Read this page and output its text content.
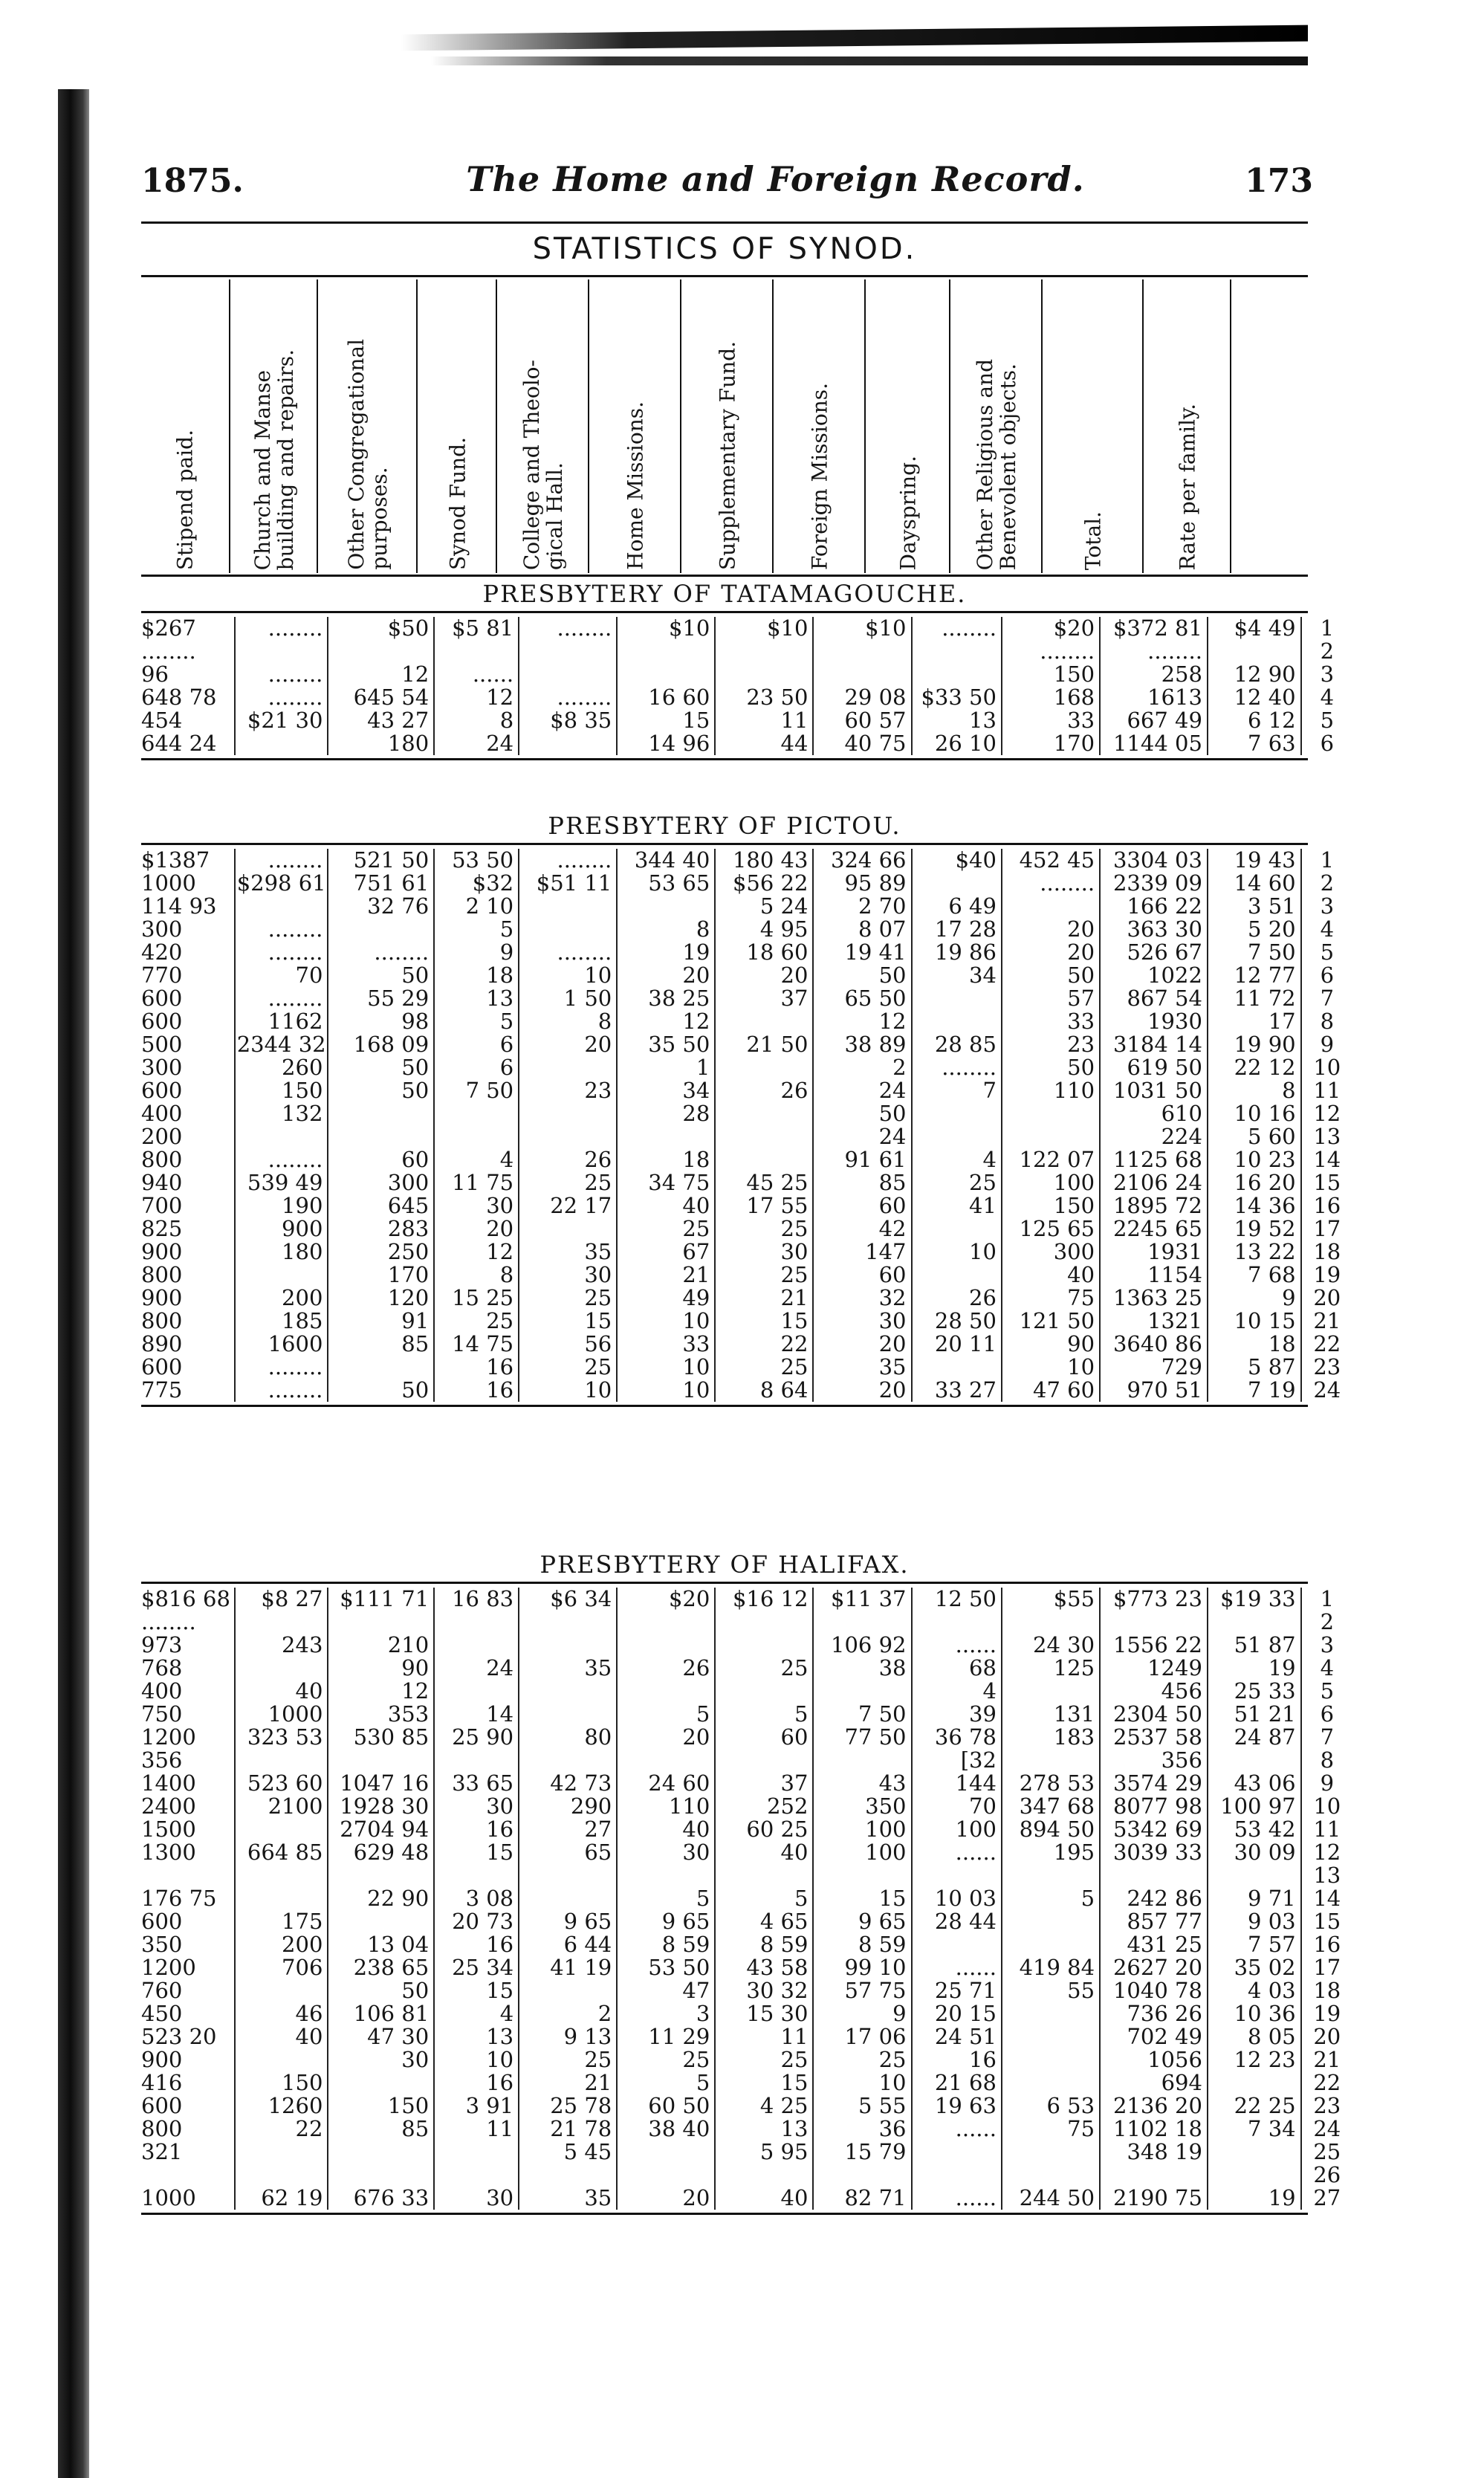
1875.	The Home and Foreign Record.	173
STATISTICS OF SYNOD.
Stipend paid.	Church and Manse
building and repairs.
Other Congregational
purposes.	Synod Fund. College and Theolo-
gical Hall.	Home Missions.	Supplementary Fund.	Foreign Missions.	Dayspring.	Other Religious and
Benevolent objects.
Total.	Rate per family.
PRESBYTERY OF TATAMAGOUCHE.
$267	........	$50	$5 81	........	$10	$10	$10	........	$20	$372 81	$4 49	1
........									........	........		2
96	........	12	......						150	258	12 90	3
648 78	........	645 54	12	........	16 60	23 50	29 08	$33 50	168	1613	12 40	4
454	$21 30	43 27	8	$8 35	15	11	60 57	13	33	667 49	6 12	5
644 24		180	24		14 96	44	40 75	26 10	170	1144 05	7 63	6
PRESBYTERY OF PICTOU.
$1387	........	521 50	53 50	........	344 40	180 43	324 66	$40	452 45	3304 03	19 43	1
1000	$298 61	751 61	$32	$51 11	53 65	$56 22	95 89		........	2339 09	14 60	2
114 93		32 76	2 10			5 24	2 70	6 49		166 22	3 51	3
300	........		5		8	4 95	8 07	17 28	20	363 30	5 20	4
420	........	........	9	........	19	18 60	19 41	19 86	20	526 67	7 50	5
770	70	50	18	10	20	20	50	34	50	1022	12 77	6
600	........	55 29	13	1 50	38 25	37	65 50		57	867 54	11 72	7
600	1162	98	5	8	12		12		33	1930	17	8
500	2344 32	168 09	6	20	35 50	21 50	38 89	28 85	23	3184 14	19 90	9
300	260	50	6		1		2	........	50	619 50	22 12	10
600	150	50	7 50	23	34	26	24	7	110	1031 50	8	11
400	132				28		50			610	10 16	12
200							24			224	5 60	13
800	........	60	4	26	18		91 61	4	122 07	1125 68	10 23	14
940	539 49	300	11 75	25	34 75	45 25	85	25	100	2106 24	16 20	15
700	190	645	30	22 17	40	17 55	60	41	150	1895 72	14 36	16
825	900	283	20		25	25	42		125 65	2245 65	19 52	17
900	180	250	12	35	67	30	147	10	300	1931	13 22	18
800		170	8	30	21	25	60		40	1154	7 68	19
900	200	120	15 25	25	49	21	32	26	75	1363 25	9	20
800	185	91	25	15	10	15	30	28 50	121 50	1321	10 15	21
890	1600	85	14 75	56	33	22	20	20 11	90	3640 86	18	22
600	........		16	25	10	25	35		10	729	5 87	23
775	........	50	16	10	10	8 64	20	33 27	47 60	970 51	7 19	24
PRESBYTERY OF HALIFAX.
$816 68	$8 27	$111 71	16 83	$6 34	$20	$16 12	$11 37	12 50	$55	$773 23	$19 33	1
........												2
973	243	210					106 92	......	24 30	1556 22	51 87	3
768		90	24	35	26	25	38	68	125	1249	19	4
400	40	12						4		456	25 33	5
750	1000	353	14		5	5	7 50	39	131	2304 50	51 21	6
1200	323 53	530 85	25 90	80	20	60	77 50	36 78	183	2537 58	24 87	7
356								[32		356		8
1400	523 60	1047 16	33 65	42 73	24 60	37	43	144	278 53	3574 29	43 06	9
2400	2100	1928 30	30	290	110	252	350	70	347 68	8077 98	100 97	10
1500		2704 94	16	27	40	60 25	100	100	894 50	5342 69	53 42	11
1300	664 85	629 48	15	65	30	40	100	......	195	3039 33	30 09	12
												13
176 75		22 90	3 08		5	5	15	10 03	5	242 86	9 71	14
600	175		20 73	9 65	9 65	4 65	9 65	28 44		857 77	9 03	15
350	200	13 04	16	6 44	8 59	8 59	8 59			431 25	7 57	16
1200	706	238 65	25 34	41 19	53 50	43 58	99 10	......	419 84	2627 20	35 02	17
760		50	15		47	30 32	57 75	25 71	55	1040 78	4 03	18
450	46	106 81	4	2	3	15 30	9	20 15		736 26	10 36	19
523 20	40	47 30	13	9 13	11 29	11	17 06	24 51		702 49	8 05	20
900		30	10	25	25	25	25	16		1056	12 23	21
416	150		16	21	5	15	10	21 68		694		22
600	1260	150	3 91	25 78	60 50	4 25	5 55	19 63	6 53	2136 20	22 25	23
800	22	85	11	21 78	38 40	13	36	......	75	1102 18	7 34	24
321				5 45		5 95	15 79			348 19		25
												26
1000	62 19	676 33	30	35	20	40	82 71	......	244 50	2190 75	19	27
